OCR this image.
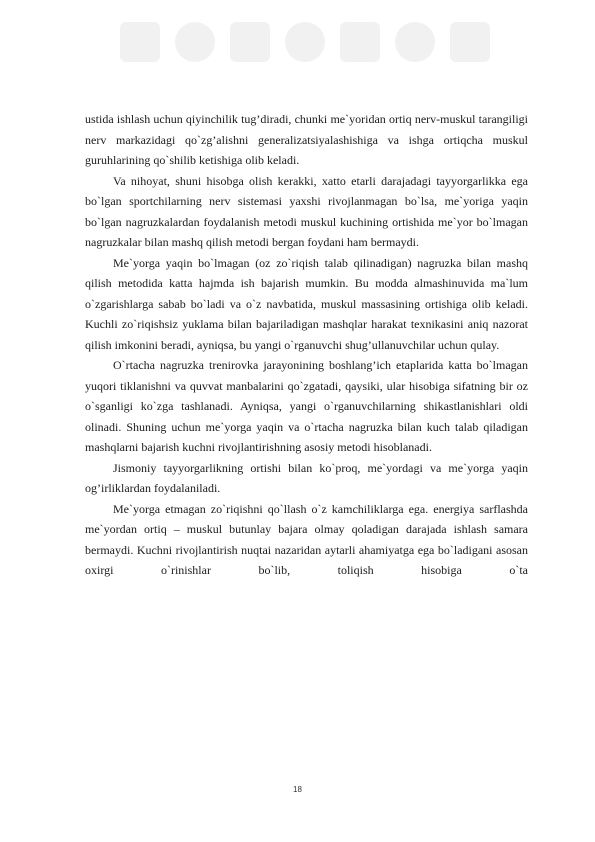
ustida ishlash uchun qiyinchilik tug’diradi, chunki me`yoridan ortiq nerv-muskul tarangiligi nerv markazidagi qo`zg’alishni generalizatsiyalashishiga va ishga ortiqcha muskul guruhlarining qo`shilib ketishiga olib keladi.

Va nihoyat, shuni hisobga olish kerakki, xatto etarli darajadagi tayyorgarlikka ega bo`lgan sportchilarning nerv sistemasi yaxshi rivojlanmagan bo`lsa, me`yoriga yaqin bo`lgan nagruzkalardan foydalanish metodi muskul kuchining ortishida me`yor bo`lmagan nagruzkalar bilan mashq qilish metodi bergan foydani ham bermaydi.

Me`yorga yaqin bo`lmagan (oz zo`riqish talab qilinadigan) nagruzka bilan mashq qilish metodida katta hajmda ish bajarish mumkin. Bu modda almashinuvida ma`lum o`zgarishlarga sabab bo`ladi va o`z navbatida, muskul massasining ortishiga olib keladi. Kuchli zo`riqishsiz yuklama bilan bajariladigan mashqlar harakat texnikasini aniq nazorat qilish imkonini beradi, ayniqsa, bu yangi o`rganuvchi shug’ullanuvchilar uchun qulay.

O`rtacha nagruzka trenirovka jarayonining boshlang’ich etaplarida katta bo`lmagan yuqori tiklanishni va quvvat manbalarini qo`zgatadi, qaysiki, ular hisobiga sifatning bir oz o`sganligi ko`zga tashlanadi. Ayniqsa, yangi o`rganuvchilarning shikastlanishlari oldi olinadi. Shuning uchun me`yorga yaqin va o`rtacha nagruzka bilan kuch talab qiladigan mashqlarni bajarish kuchni rivojlantirishning asosiy metodi hisoblanadi.

Jismoniy tayyorgarlikning ortishi bilan ko`proq, me`yordagi va me`yorga yaqin og’irliklardan foydalaniladi.

Me`yorga etmagan zo`riqishni qo`llash o`z kamchiliklarga ega. energiya sarflashda me`yordan ortiq – muskul butunlay bajara olmay qoladigan darajada ishlash samara bermaydi. Kuchni rivojlantirish nuqtai nazaridan aytarli ahamiyatga ega bo`ladigani asosan oxirgi o`rinishlar bo`lib, toliqish hisobiga o`ta

18
